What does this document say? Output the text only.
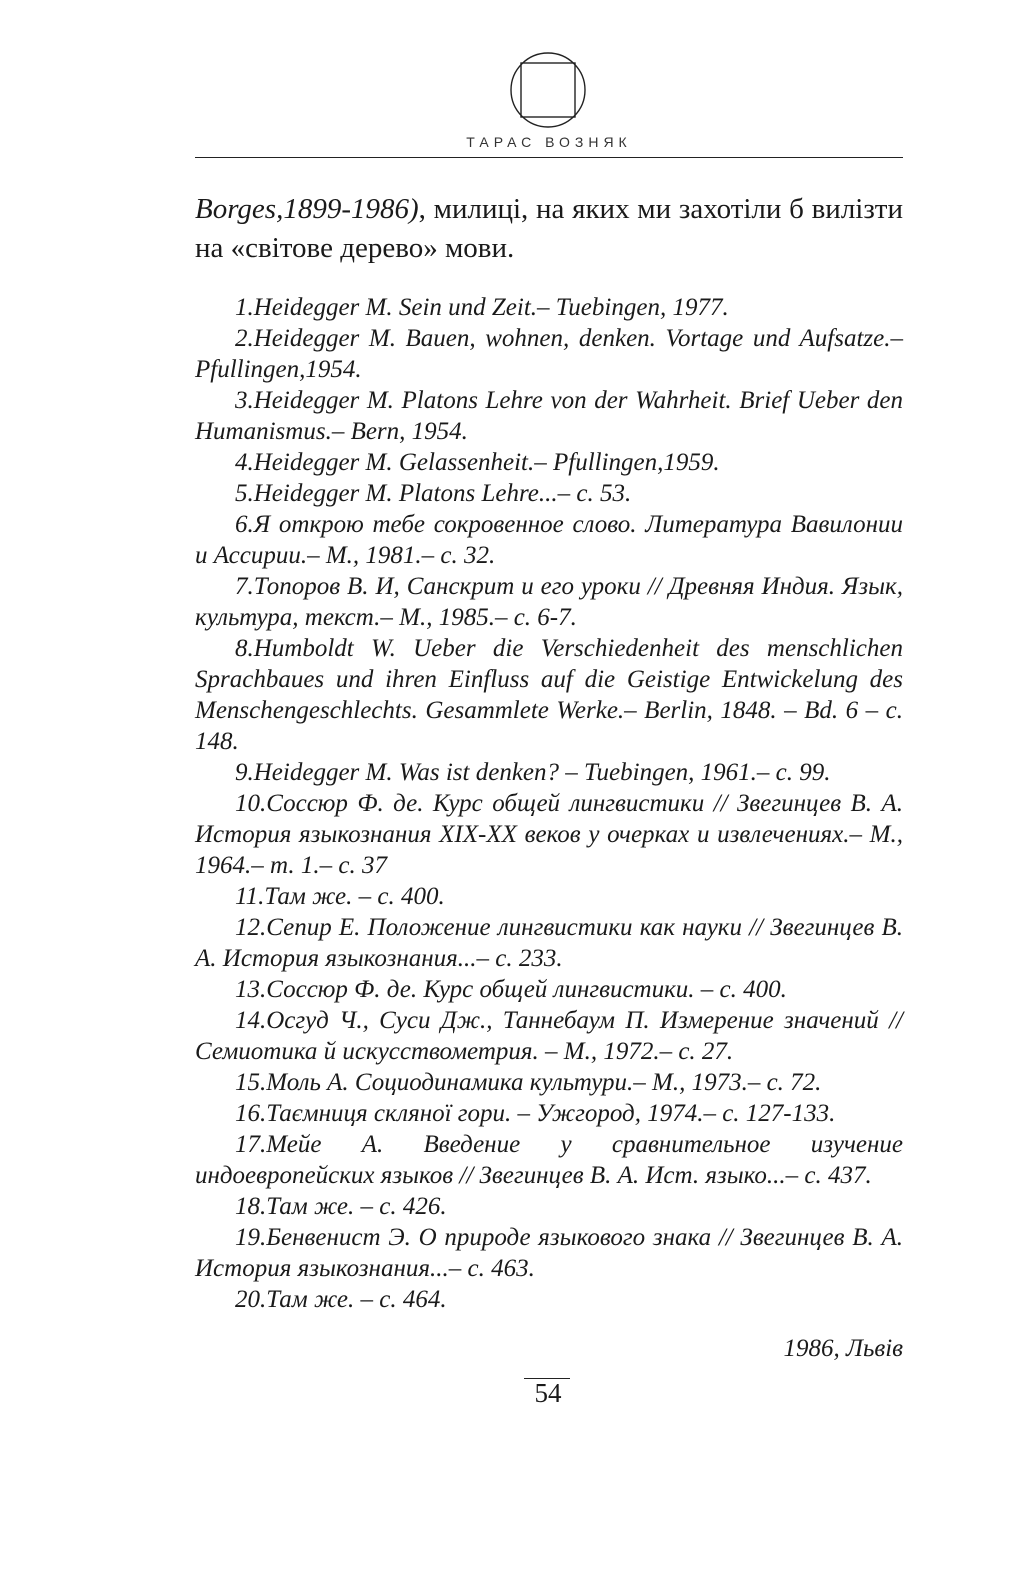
ТАРАС ВОЗНЯК

Borges,1899-1986), милиці, на яких ми захотіли б вилізти на «світове дерево» мови.

1.Heidegger M. Sein und Zeit.– Tuebingen, 1977.
2.Heidegger M. Bauen, wohnen, denken. Vortage und Aufsatze.– Pfullingen,1954.
3.Heidegger M. Platons Lehre von der Wahrheit. Brief Ueber den Humanismus.– Bern, 1954.
4.Heidegger M. Gelassenheit.– Pfullingen,1959.
5.Heidegger M. Platons Lehre...– с. 53.
6.Я открою тебе сокровенное слово. Литература Вавилонии и Ассирии.– М., 1981.– с. 32.
7.Топоров В. И, Санскрит и его уроки // Древняя Индия. Язык, культура, текст.– М., 1985.– с. 6-7.
8.Humboldt W. Ueber die Verschiedenheit des menschlichen Sprachbaues und ihren Einfluss auf die Geistige Entwickelung des Menschengeschlechts. Gesammlete Werke.– Berlin, 1848. – Bd. 6 – с. 148.
9.Heidegger M. Was ist denken? – Tuebingen, 1961.– с. 99.
10.Соссюр Ф. де. Курс общей лингвистики // Звегинцев В. А. История языкознания XIX-XX веков у очерках и извлечениях.– М., 1964.– т. 1.– с. 37
11.Там же. – с. 400.
12.Сепир Е. Положение лингвистики как науки // Звегинцев В. А. История языкознания...– с. 233.
13.Соссюр Ф. де. Курс общей лингвистики. – с. 400.
14.Осгуд Ч., Суси Дж., Таннебаум П. Измерение значений // Семиотика й искусствометрия. – М., 1972.– с. 27.
15.Моль А. Социодинамика культури.– М., 1973.– с. 72.
16.Таємниця скляної гори. – Ужгород, 1974.– с. 127-133.
17.Мейе А. Введение у сравнительное изучение индоевропейских языков // Звегинцев В. А. Ист. языко...– с. 437.
18.Там же. – с. 426.
19.Бенвенист Э. О природе языкового знака // Звегинцев В. А. История языкознания...– с. 463.
20.Там же. – с. 464.
1986, Львів
54
